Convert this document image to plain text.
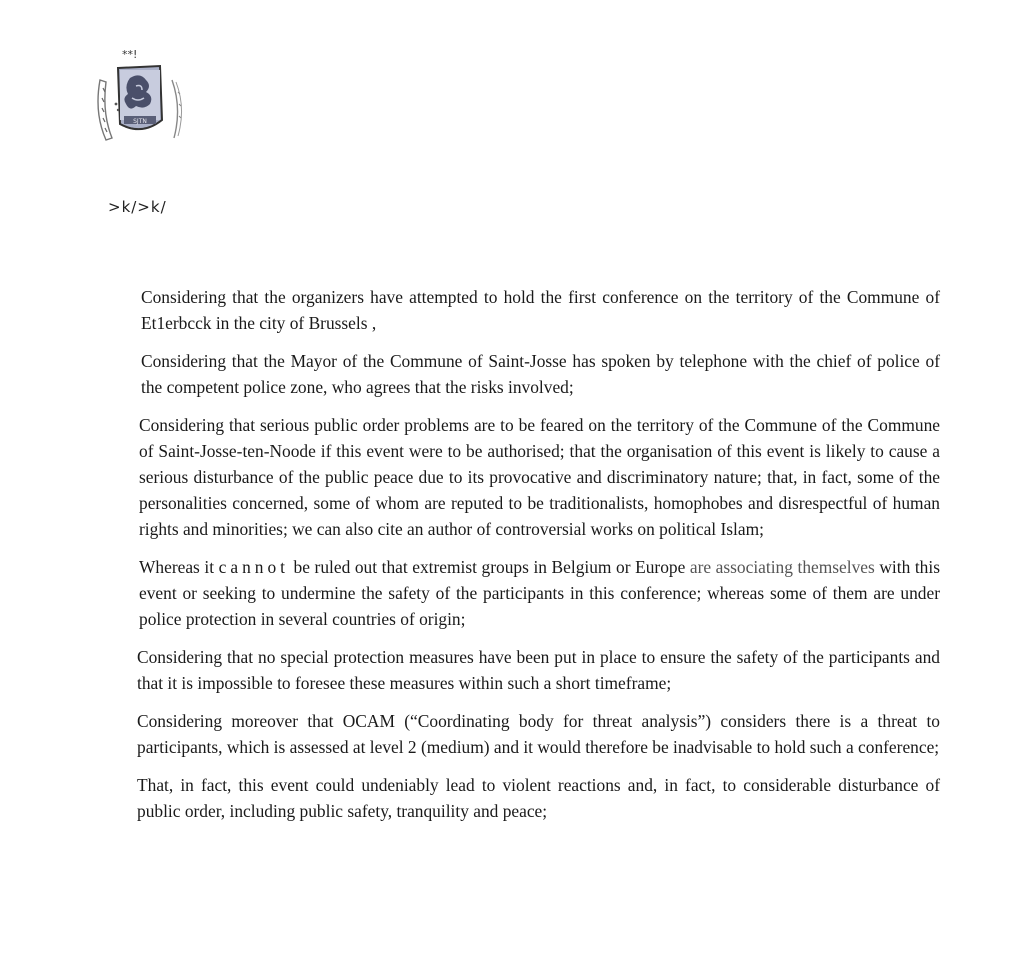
**!
SJTN
>k/>k/

Considering that the organizers have attempted to hold the first conference on the territory of the Commune of Et1erbcck in the city of Brussels ,

Considering that the Mayor of the Commune of Saint-Josse has spoken by telephone with the chief of police of the competent police zone, who agrees that the risks involved;

Considering that serious public order problems are to be feared on the territory of the Commune of the Commune of Saint-Josse-ten-Noode if this event were to be authorised; that the organisation of this event is likely to cause a serious disturbance of the public peace due to its provocative and discriminatory nature; that, in fact, some of the personalities concerned, some of whom are reputed to be traditionalists, homophobes and disrespectful of human rights and minorities; we can also cite an author of controversial works on political Islam;

Whereas it cannot be ruled out that extremist groups in Belgium or Europe are associating themselves with this event or seeking to undermine the safety of the participants in this conference; whereas some of them are under police protection in several countries of origin;

Considering that no special protection measures have been put in place to ensure the safety of the participants and that it is impossible to foresee these measures within such a short timeframe;

Considering moreover that OCAM (“Coordinating body for threat analysis”) considers there is a threat to participants, which is assessed at level 2 (medium) and it would therefore be inadvisable to hold such a conference;

That, in fact, this event could undeniably lead to violent reactions and, in fact, to considerable disturbance of public order, including public safety, tranquility and peace;
